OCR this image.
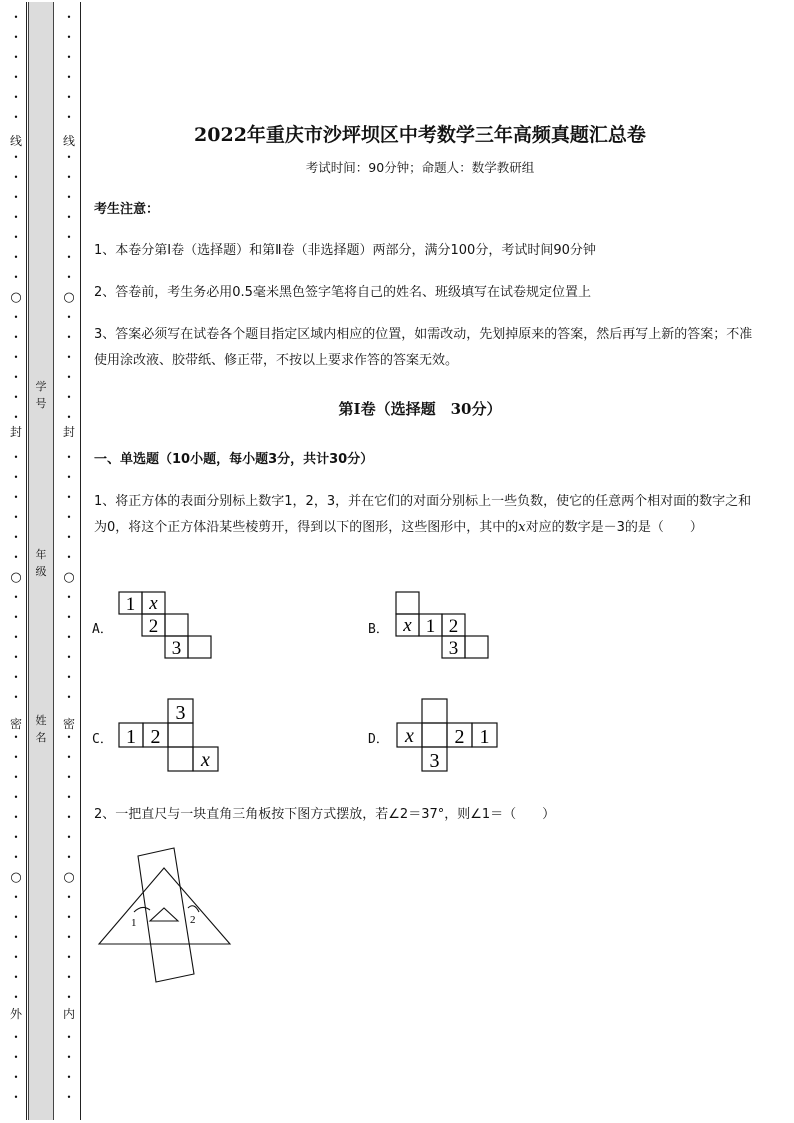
•
•
•
•
•
•
•
•
•
•
•
•
•
○
•
•
•
•
•
•
•
•
•
•
•
•
○
•
•
•
•
•
•
•
•
•
•
•
•
•
○
•
•
•
•
•
•
•
•
•
•
•
•
•
•
•
•
•
•
•
•
•
•
•
○
•
•
•
•
•
•
•
•
•
•
•
•
○
•
•
•
•
•
•
•
•
•
•
•
•
•
○
•
•
•
•
•
•
•
•
•
•
线
封
密
外
线
封
密
内
学号
年级
姓名
2022年重庆市沙坪坝区中考数学三年高频真题汇总卷
考试时间：90分钟；命题人：数学教研组
考生注意：
1、本卷分第Ⅰ卷（选择题）和第Ⅱ卷（非选择题）两部分，满分100分，考试时间90分钟
2、答卷前，考生务必用0.5毫米黑色签字笔将自己的姓名、班级填写在试卷规定位置上
3、答案必须写在试卷各个题目指定区域内相应的位置，如需改动，先划掉原来的答案，然后再写上新的答案；不准使用涂改液、胶带纸、修正带，不按以上要求作答的答案无效。
第Ⅰ卷（选择题　30分）
一、单选题（10小题，每小题3分，共计30分）
1、将正方体的表面分别标上数字1，2，3，并在它们的对面分别标上一些负数，使它的任意两个相对面的数字之和为0，将这个正方体沿某些棱剪开，得到以下的图形，这些图形中，其中的x对应的数字是－3的是（　　）
A．
1 x
2
3
B． x 1 2
3
C．
3
1 2
x
D． x 2 1
3
2、一把直尺与一块直角三角板按下图方式摆放，若∠2＝37°，则∠1＝（　　）
1	2
